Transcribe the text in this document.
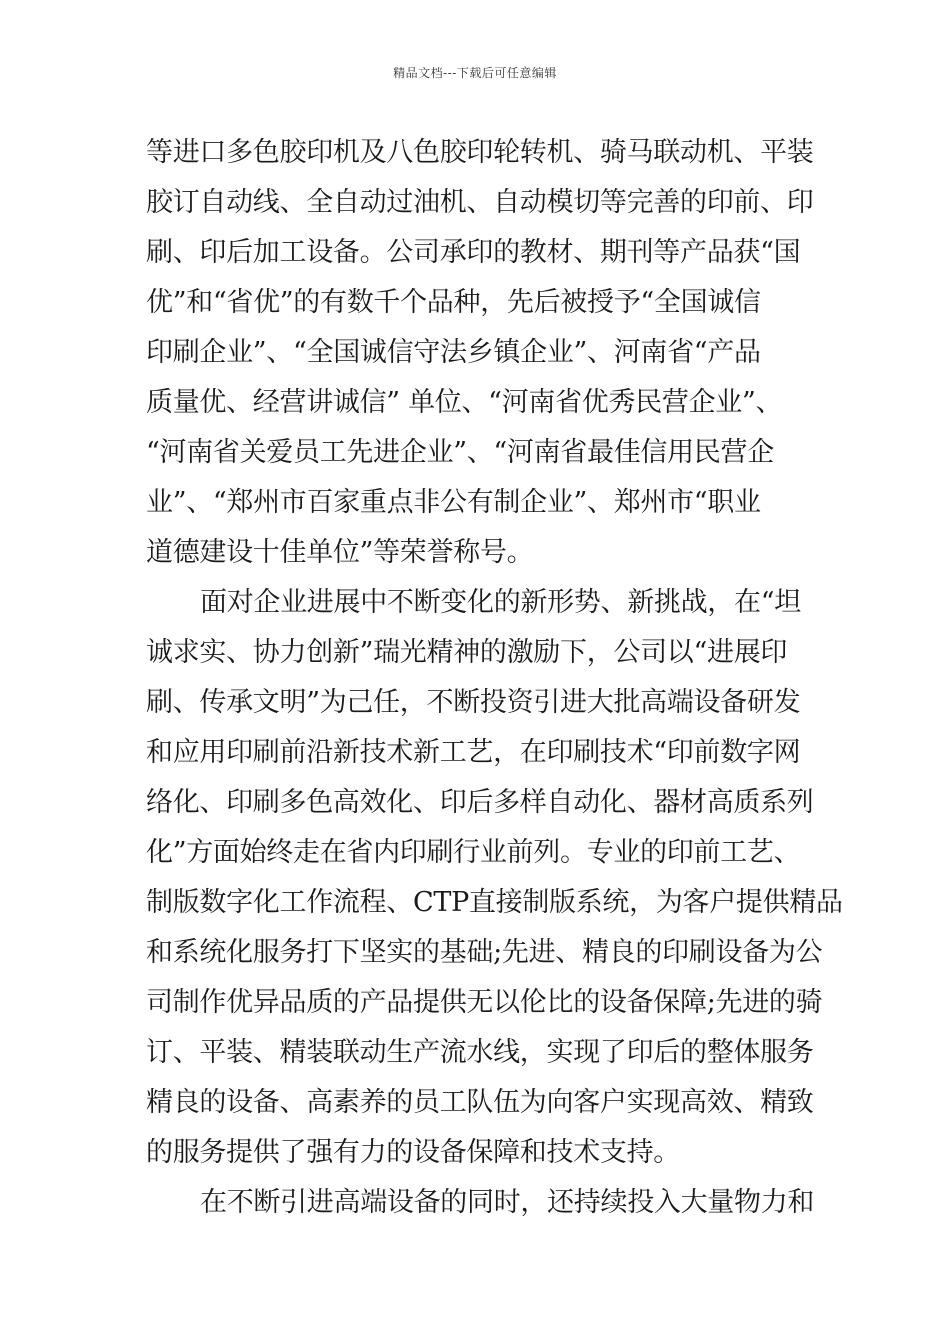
精品文档---下载后可任意编辑
等进口多色胶印机及八色胶印轮转机、骑马联动机、平装
胶订自动线、全自动过油机、自动模切等完善的印前、印
刷、印后加工设备。公司承印的教材、期刊等产品获“国
优”和“省优”的有数千个品种，先后被授予“全国诚信
印刷企业”、“全国诚信守法乡镇企业”、河南省“产品
质量优、经营讲诚信” 单位、“河南省优秀民营企业”、
“河南省关爱员工先进企业”、“河南省最佳信用民营企
业”、“郑州市百家重点非公有制企业”、郑州市“职业
道德建设十佳单位”等荣誉称号。
面对企业进展中不断变化的新形势、新挑战，在“坦
诚求实、协力创新”瑞光精神的激励下，公司以“进展印
刷、传承文明”为己任，不断投资引进大批高端设备研发
和应用印刷前沿新技术新工艺，在印刷技术“印前数字网
络化、印刷多色高效化、印后多样自动化、器材高质系列
化”方面始终走在省内印刷行业前列。专业的印前工艺、
制版数字化工作流程、CTP直接制版系统，为客户提供精品
和系统化服务打下坚实的基础;先进、精良的印刷设备为公
司制作优异品质的产品提供无以伦比的设备保障;先进的骑
订、平装、精装联动生产流水线，实现了印后的整体服务
精良的设备、高素养的员工队伍为向客户实现高效、精致
的服务提供了强有力的设备保障和技术支持。
在不断引进高端设备的同时，还持续投入大量物力和
